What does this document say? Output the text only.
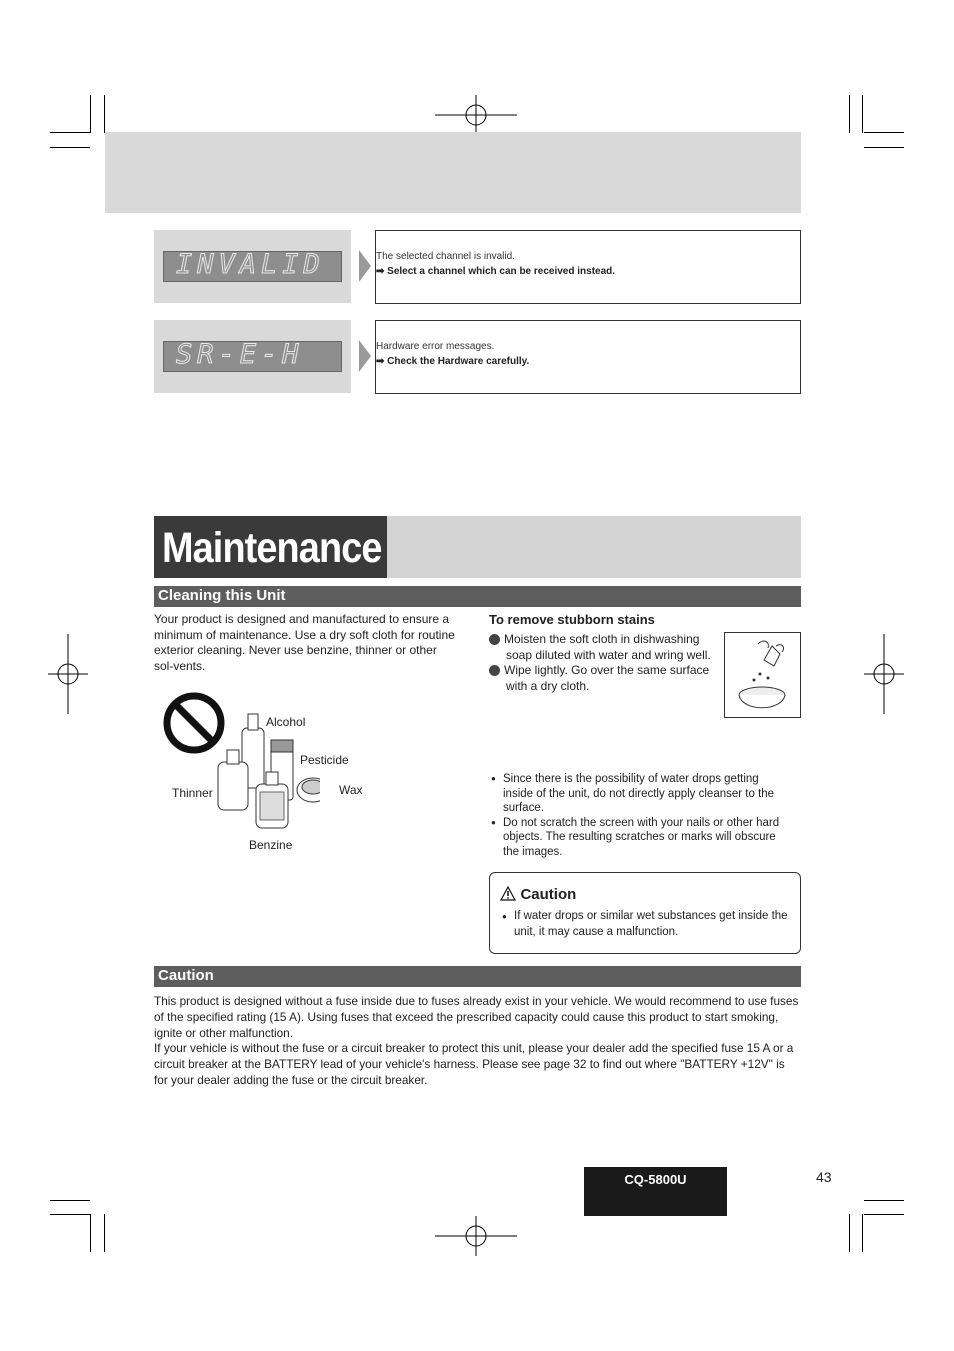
INVALID	The selected channel is invalid.
➡ Select a channel which can be received instead.
SR-E-H	Hardware error messages.
➡ Check the Hardware carefully.
Maintenance
Cleaning this Unit
Your product is designed and manufactured to ensure a minimum of maintenance. Use a dry soft cloth for routine exterior cleaning. Never use benzine, thinner or other sol-vents.
Alcohol
Pesticide
Thinner	Wax
Benzine
To remove stubborn stains
1 Moisten the soft cloth in dishwashing soap diluted with water and wring well.
2 Wipe lightly. Go over the same surface with a dry cloth.
● Since there is the possibility of water drops getting inside of the unit, do not directly apply cleanser to the surface.
● Do not scratch the screen with your nails or other hard objects. The resulting scratches or marks will obscure the images.
Caution
● If water drops or similar wet substances get inside the unit, it may cause a malfunction.
Caution
This product is designed without a fuse inside due to fuses already exist in your vehicle. We would recommend to use fuses of the specified rating (15 A). Using fuses that exceed the prescribed capacity could cause this product to start smoking, ignite or other malfunction.
If your vehicle is without the fuse or a circuit breaker to protect this unit, please your dealer add the specified fuse 15 A or a circuit breaker at the BATTERY lead of your vehicle's harness. Please see page 32 to find out where "BATTERY +12V" is for your dealer adding the fuse or the circuit breaker.
CQ-5800U	43
